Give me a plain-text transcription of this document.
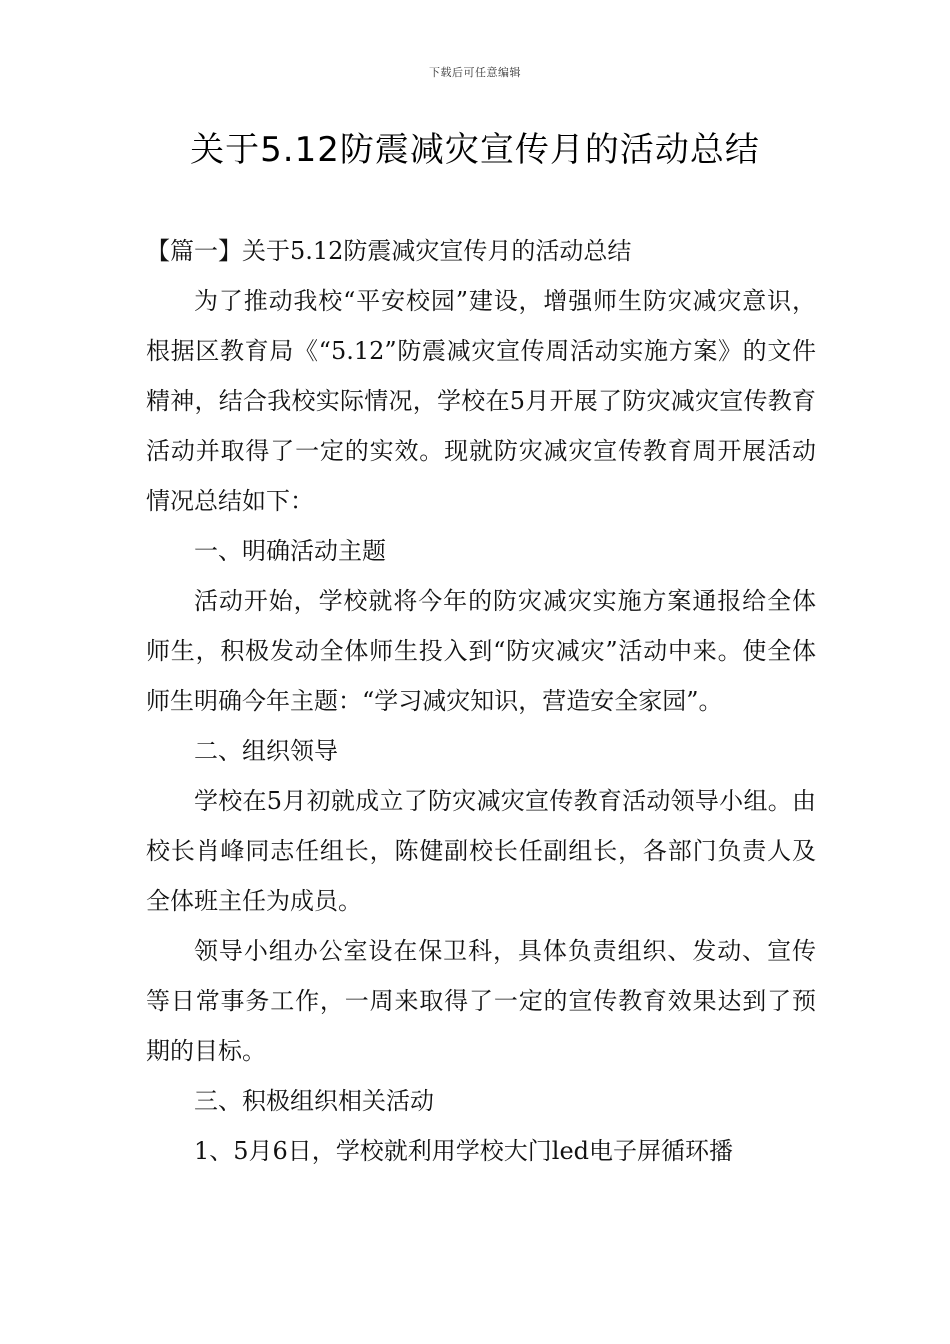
下载后可任意编辑
关于5.12防震减灾宣传月的活动总结

【篇一】关于5.12防震减灾宣传月的活动总结

为了推动我校“平安校园”建设，增强师生防灾减灾意识，根据区教育局《“5.12”防震减灾宣传周活动实施方案》的文件精神，结合我校实际情况，学校在5月开展了防灾减灾宣传教育活动并取得了一定的实效。现就防灾减灾宣传教育周开展活动情况总结如下：

一、明确活动主题

活动开始，学校就将今年的防灾减灾实施方案通报给全体师生，积极发动全体师生投入到“防灾减灾”活动中来。使全体师生明确今年主题：“学习减灾知识，营造安全家园”。

二、组织领导

学校在5月初就成立了防灾减灾宣传教育活动领导小组。由校长肖峰同志任组长，陈健副校长任副组长，各部门负责人及全体班主任为成员。

领导小组办公室设在保卫科，具体负责组织、发动、宣传等日常事务工作，一周来取得了一定的宣传教育效果达到了预期的目标。

三、积极组织相关活动

1、5月6日，学校就利用学校大门led电子屏循环播
